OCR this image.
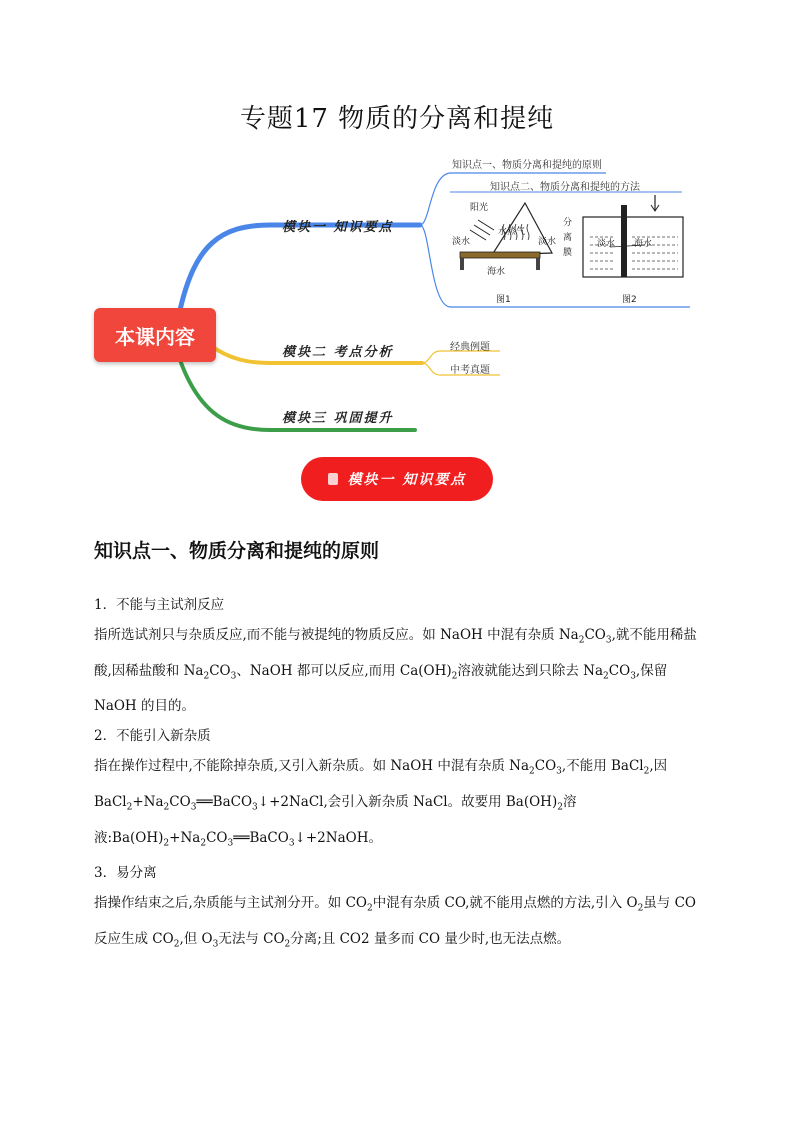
专题17 物质的分离和提纯
本课内容
模块一 知识要点
模块二 考点分析
模块三 巩固提升
知识点一、物质分离和提纯的原则
知识点二、物质分离和提纯的方法
经典例题
中考真题
阳光
水蒸气
淡水	淡水
海水
图1
分
离
膜
淡水 海水
图2
模块一 知识要点
知识点一、物质分离和提纯的原则

1．不能与主试剂反应

指所选试剂只与杂质反应,而不能与被提纯的物质反应。如 NaOH 中混有杂质 $Na_2CO_3$,就不能用稀盐酸,因稀盐酸和 $Na_2CO_3$、NaOH 都可以反应,而用 $Ca(OH)_2$溶液就能达到只除去 $Na_2CO_3$,保留 NaOH 的目的。

2．不能引入新杂质

指在操作过程中,不能除掉杂质,又引入新杂质。如 NaOH 中混有杂质 $Na_2CO_3$,不能用 BaCl$_2$,因 $BaCl_2+Na_2CO_3══BaCO_3↓+2NaCl$,会引入新杂质 NaCl。故要用 $Ba(OH)_2$溶液$:Ba(OH)_2+Na_2CO_3══BaCO_3↓+2NaOH$。

3．易分离

指操作结束之后,杂质能与主试剂分开。如 $CO_2$中混有杂质 CO,就不能用点燃的方法,引入 $O_2$虽与 CO 反应生成 $CO_2$,但 $O_3$无法与 $CO_2$分离;且 CO2 量多而 CO 量少时,也无法点燃。
